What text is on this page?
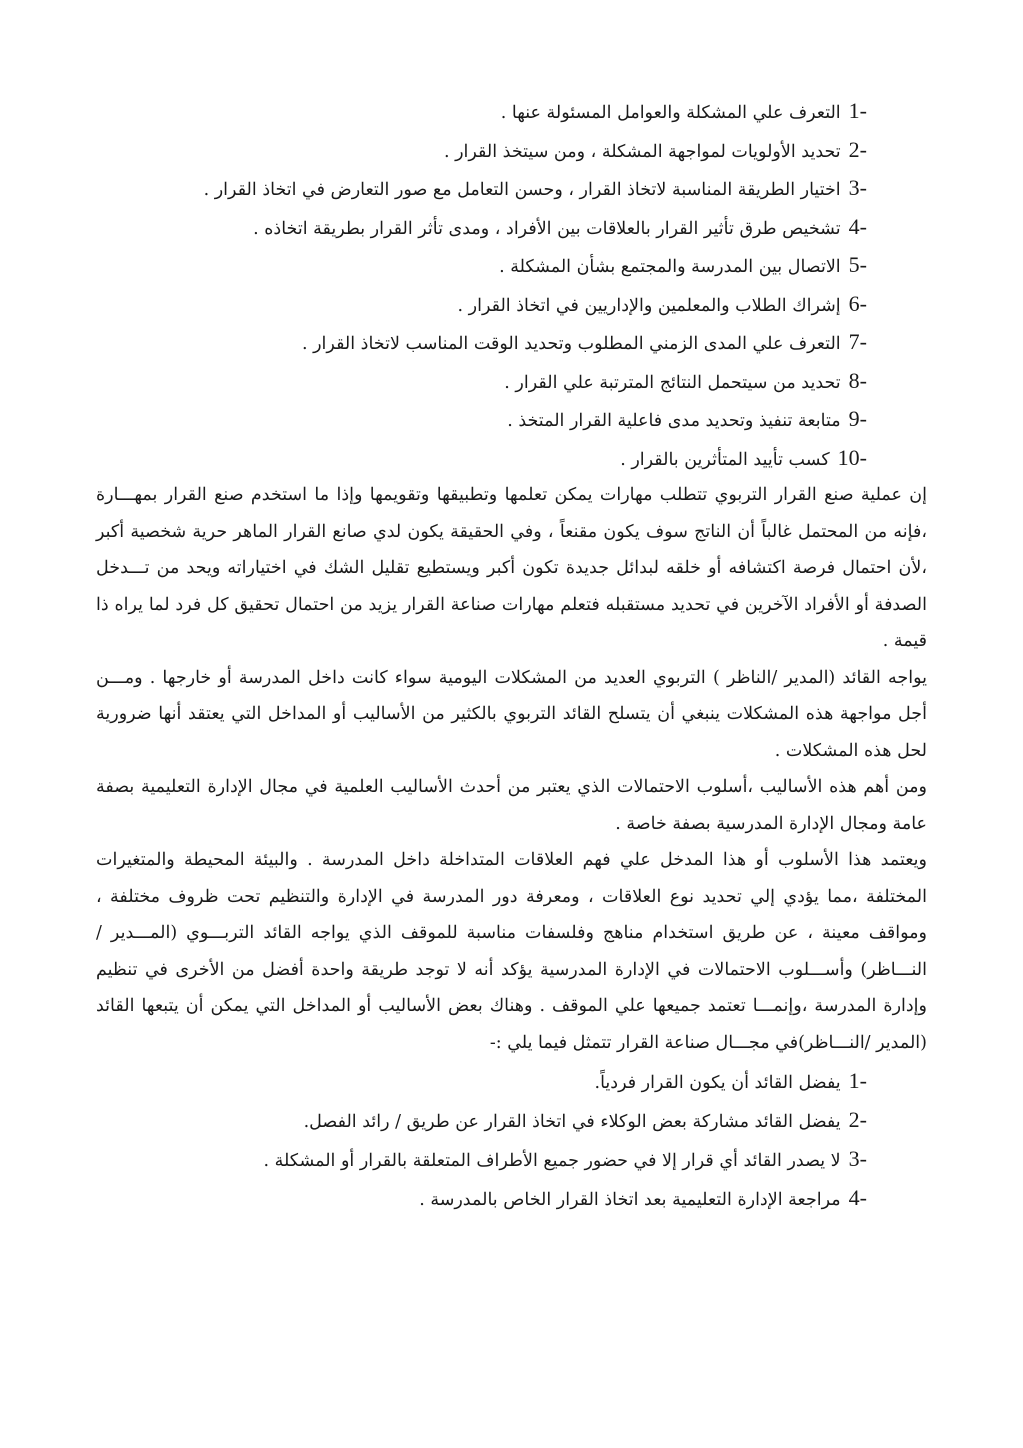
1-
التعرف علي المشكلة والعوامل المسئولة عنها .
2-
تحديد الأولويات لمواجهة المشكلة ، ومن سيتخذ القرار .
3-
اختيار الطريقة المناسبة لاتخاذ القرار ، وحسن التعامل مع صور التعارض في اتخاذ القرار .
4-
تشخيص طرق تأثير القرار بالعلاقات بين الأفراد ، ومدى تأثر القرار بطريقة اتخاذه .
5-
الاتصال بين المدرسة والمجتمع بشأن المشكلة .
6-
إشراك الطلاب والمعلمين والإداريين في اتخاذ القرار .
7-
التعرف علي المدى الزمني المطلوب وتحديد الوقت المناسب لاتخاذ القرار .
8-
تحديد من سيتحمل النتائج المترتبة علي القرار .
9-
متابعة تنفيذ وتحديد مدى فاعلية القرار المتخذ .
10-
كسب تأييد المتأثرين بالقرار .

إن عملية صنع القرار التربوي تتطلب مهارات يمكن تعلمها وتطبيقها وتقويمها وإذا ما استخدم صنع القرار بمهـــارة ،فإنه من المحتمل غالباً أن الناتج سوف يكون مقنعاً ، وفي الحقيقة يكون لدي صانع القرار الماهر حرية شخصية أكبر ،لأن احتمال فرصة اكتشافه أو خلقه لبدائل جديدة تكون أكبر ويستطيع تقليل الشك في اختياراته ويحد من تـــدخل الصدفة أو الأفراد الآخرين في تحديد مستقبله فتعلم مهارات صناعة القرار يزيد من احتمال تحقيق كل فرد لما يراه ذا قيمة .

يواجه القائد (المدير /الناظر ) التربوي العديد من المشكلات اليومية سواء كانت داخل المدرسة أو خارجها . ومـــن أجل مواجهة هذه المشكلات ينبغي أن يتسلح القائد التربوي بالكثير من الأساليب أو المداخل التي يعتقد أنها ضرورية لحل هذه المشكلات .

ومن أهم هذه الأساليب ،أسلوب الاحتمالات الذي يعتبر من أحدث الأساليب العلمية في مجال الإدارة التعليمية بصفة عامة ومجال الإدارة المدرسية بصفة خاصة .

ويعتمد هذا الأسلوب أو هذا المدخل علي فهم العلاقات المتداخلة داخل المدرسة . والبيئة المحيطة والمتغيرات المختلفة ،مما يؤدي إلي تحديد نوع العلاقات ، ومعرفة دور المدرسة في الإدارة والتنظيم تحت ظروف مختلفة ، ومواقف معينة ، عن طريق استخدام مناهج وفلسفات مناسبة للموقف الذي يواجه القائد التربـــوي (المـــدير /النـــاظر) وأســـلوب الاحتمالات في الإدارة المدرسية يؤكد أنه لا توجد طريقة واحدة أفضل من الأخرى في تنظيم وإدارة المدرسة ،وإنمـــا تعتمد جميعها علي الموقف . وهناك بعض الأساليب أو المداخل التي يمكن أن يتبعها القائد (المدير /النـــاظر)في مجـــال صناعة القرار تتمثل فيما يلي :-

1-
يفضل القائد أن يكون القرار فردياً.
2-
يفضل القائد مشاركة بعض الوكلاء في اتخاذ القرار عن طريق / رائد الفصل.
3-
لا يصدر القائد أي قرار إلا في حضور جميع الأطراف المتعلقة بالقرار أو المشكلة .
4-
مراجعة الإدارة التعليمية بعد اتخاذ القرار الخاص بالمدرسة .
